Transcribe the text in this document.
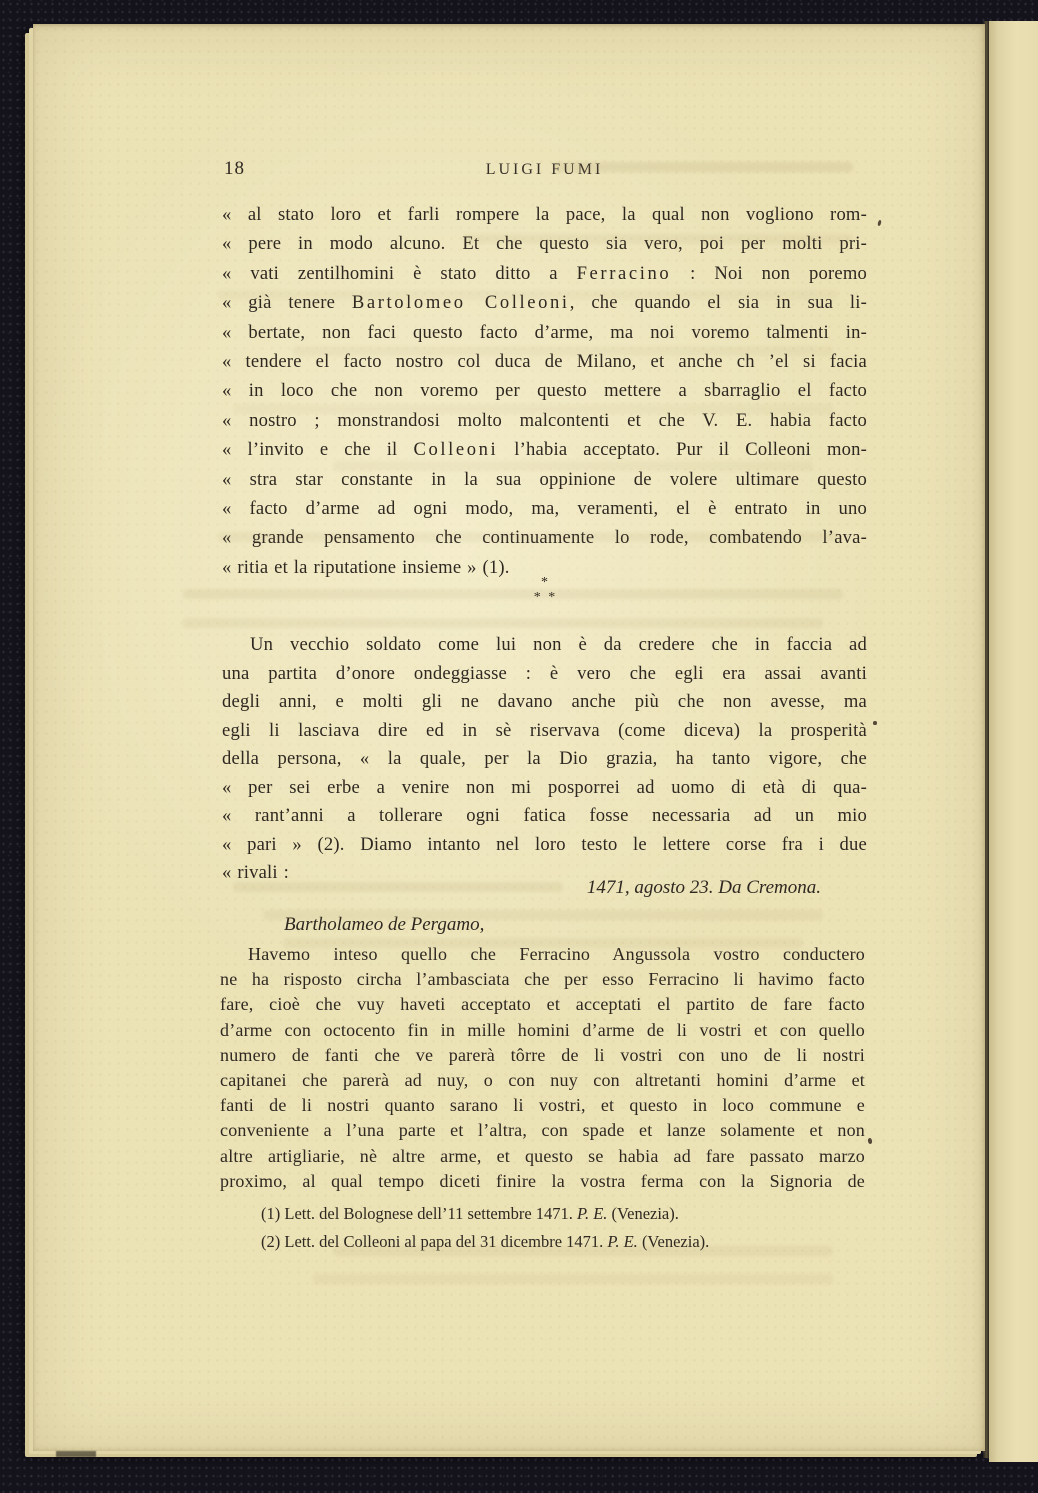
18	LUIGI FUMI
« al stato loro et farli rompere la pace, la qual non vogliono rom-
« pere in modo alcuno. Et che questo sia vero, poi per molti pri-
« vati zentilhomini è stato ditto a Ferracino : Noi non poremo
« già tenere Bartolomeo Colleoni, che quando el sia in sua li-
« bertate, non faci questo facto d’arme, ma noi voremo talmenti in-
« tendere el facto nostro col duca de Milano, et anche ch ’el si facia
« in loco che non voremo per questo mettere a sbarraglio el facto
« nostro ; monstrandosi molto malcontenti et che V. E. habia facto
« l’invito e che il Colleoni l’habia acceptato. Pur il Colleoni mon-
« stra star constante in la sua oppinione de volere ultimare questo
« facto d’arme ad ogni modo, ma, veramenti, el è entrato in uno
« grande pensamento che continuamente lo rode, combatendo l’ava-
« ritia et la riputatione insieme » (1).
*
* *
Un vecchio soldato come lui non è da credere che in faccia ad
una partita d’onore ondeggiasse : è vero che egli era assai avanti
degli anni, e molti gli ne davano anche più che non avesse, ma
egli li lasciava dire ed in sè riservava (come diceva) la prosperità
della persona, « la quale, per la Dio grazia, ha tanto vigore, che
« per sei erbe a venire non mi posporrei ad uomo di età di qua-
« rant’anni a tollerare ogni fatica fosse necessaria ad un mio
« pari » (2). Diamo intanto nel loro testo le lettere corse fra i due
« rivali :
1471, agosto 23. Da Cremona.
Bartholameo de Pergamo,
Havemo inteso quello che Ferracino Angussola vostro conductero
ne ha risposto circha l’ambasciata che per esso Ferracino li havimo facto
fare, cioè che vuy haveti acceptato et acceptati el partito de fare facto
d’arme con octocento fin in mille homini d’arme de li vostri et con quello
numero de fanti che ve parerà tôrre de li vostri con uno de li nostri
capitanei che parerà ad nuy, o con nuy con altretanti homini d’arme et
fanti de li nostri quanto sarano li vostri, et questo in loco commune e
conveniente a l’una parte et l’altra, con spade et lanze solamente et non
altre artigliarie, nè altre arme, et questo se habia ad fare passato marzo
proximo, al qual tempo diceti finire la vostra ferma con la Signoria de
(1) Lett. del Bolognese dell’11 settembre 1471. P. E. (Venezia).
(2) Lett. del Colleoni al papa del 31 dicembre 1471. P. E. (Venezia).
